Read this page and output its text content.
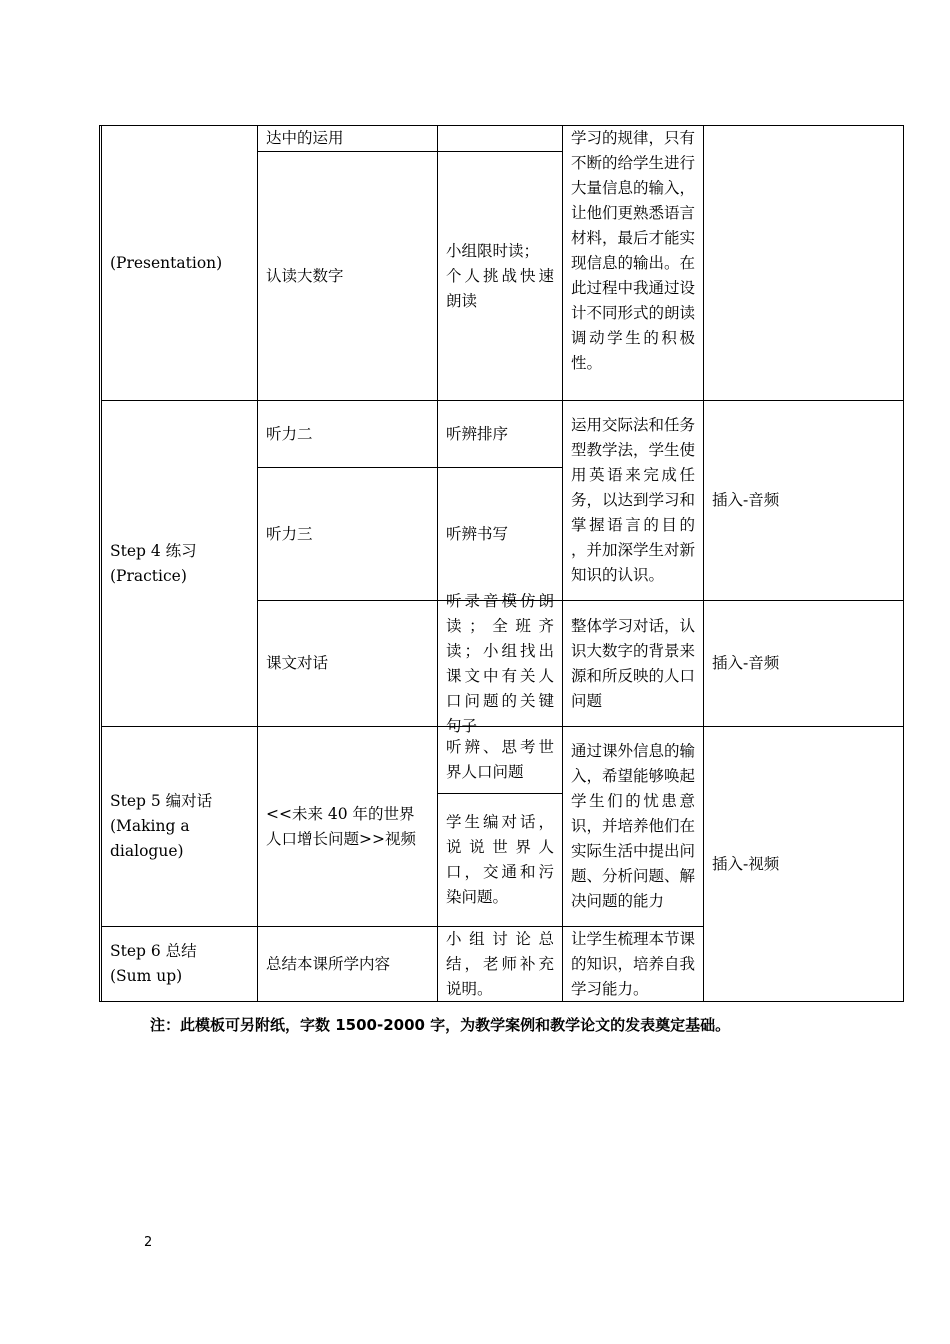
(Presentation)
达中的运用
认读大数字
小组限时读；
个人挑战快速朗读
学习的规律，只有不断的给学生进行大量信息的输入，让他们更熟悉语言材料，最后才能实现信息的输出。在此过程中我通过设计不同形式的朗读调动学生的积极性。
Step 4 练习
(Practice)
听力二	听辨排序
听力三	听辨书写
运用交际法和任务型教学法，学生使用英语来完成任务，以达到学习和掌握语言的目的 ，并加深学生对新知识的认识。
插入-音频
课文对话
听录音模仿朗读；全班齐读；小组找出课文中有关人口问题的关键句子
整体学习对话，认识大数字的背景来源和所反映的人口问题
插入-音频
Step 5 编对话
(Making a dialogue)
<<未来 40 年的世界人口增长问题>>视频
听辨、思考世界人口问题
学生编对话，说说世界人口，交通和污染问题。
通过课外信息的输入，希望能够唤起学生们的忧患意识，并培养他们在实际生活中提出问题、分析问题、解决问题的能力
插入-视频
Step 6 总结
(Sum up)
总结本课所学内容
小组讨论总结，老师补充说明。
让学生梳理本节课的知识，培养自我学习能力。
注：此模板可另附纸，字数 1500-2000 字，为教学案例和教学论文的发表奠定基础。
2
